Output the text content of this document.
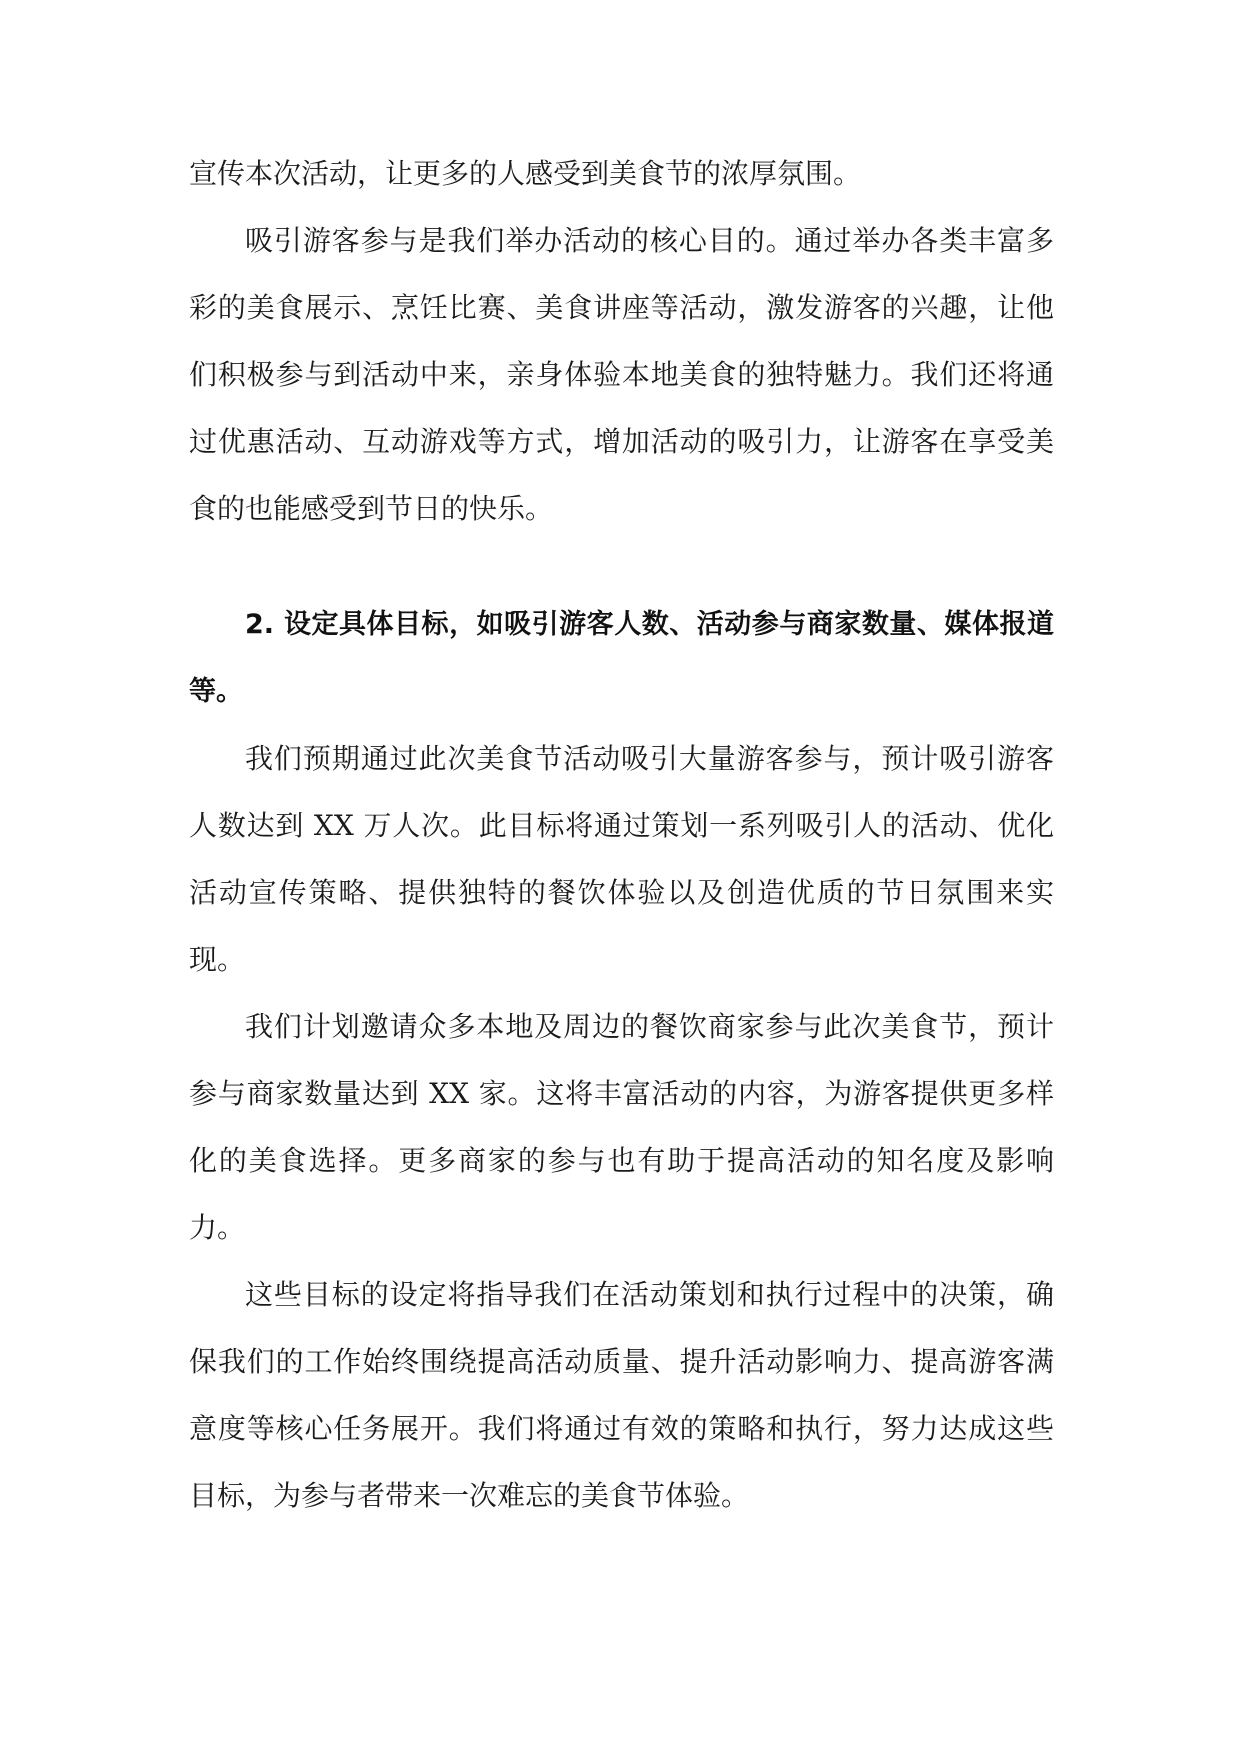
宣传本次活动，让更多的人感受到美食节的浓厚氛围。

吸引游客参与是我们举办活动的核心目的。通过举办各类丰富多彩的美食展示、烹饪比赛、美食讲座等活动，激发游客的兴趣，让他们积极参与到活动中来，亲身体验本地美食的独特魅力。我们还将通过优惠活动、互动游戏等方式，增加活动的吸引力，让游客在享受美食的也能感受到节日的快乐。

2. 设定具体目标，如吸引游客人数、活动参与商家数量、媒体报道等。

我们预期通过此次美食节活动吸引大量游客参与，预计吸引游客人数达到 XX 万人次。此目标将通过策划一系列吸引人的活动、优化活动宣传策略、提供独特的餐饮体验以及创造优质的节日氛围来实现。

我们计划邀请众多本地及周边的餐饮商家参与此次美食节，预计参与商家数量达到 XX 家。这将丰富活动的内容，为游客提供更多样化的美食选择。更多商家的参与也有助于提高活动的知名度及影响力。

这些目标的设定将指导我们在活动策划和执行过程中的决策，确保我们的工作始终围绕提高活动质量、提升活动影响力、提高游客满意度等核心任务展开。我们将通过有效的策略和执行，努力达成这些目标，为参与者带来一次难忘的美食节体验。
